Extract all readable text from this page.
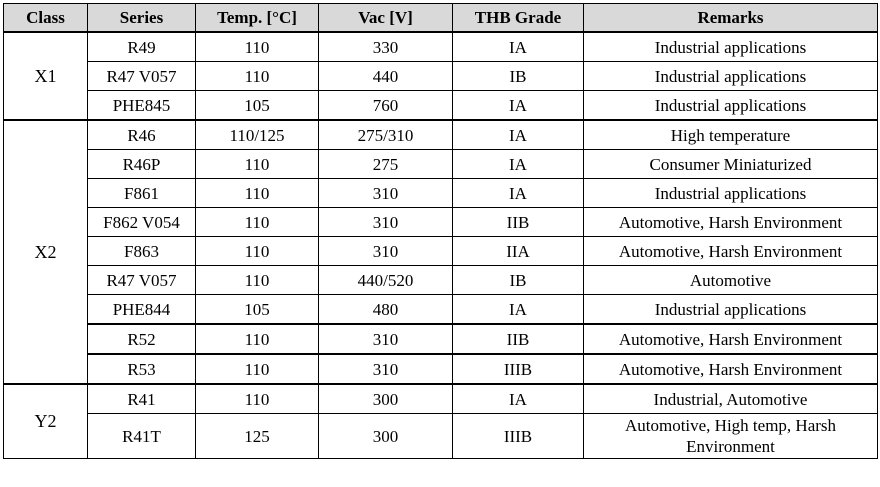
Class	Series	Temp. [°C]	Vac [V]	THB Grade	Remarks
X1	R49	110	330	IA	Industrial applications
	R47 V057	110	440	IB	Industrial applications
	PHE845	105	760	IA	Industrial applications
X2	R46	110/125	275/310	IA	High temperature
	R46P	110	275	IA	Consumer Miniaturized
	F861	110	310	IA	Industrial applications
	F862 V054	110	310	IIB	Automotive, Harsh Environment
	F863	110	310	IIA	Automotive, Harsh Environment
	R47 V057	110	440/520	IB	Automotive
	PHE844	105	480	IA	Industrial applications
	R52	110	310	IIB	Automotive, Harsh Environment
	R53	110	310	IIIB	Automotive, Harsh Environment
Y2	R41	110	300	IA	Industrial, Automotive
	R41T	125	300	IIIB	Automotive, High temp, Harsh Environment
